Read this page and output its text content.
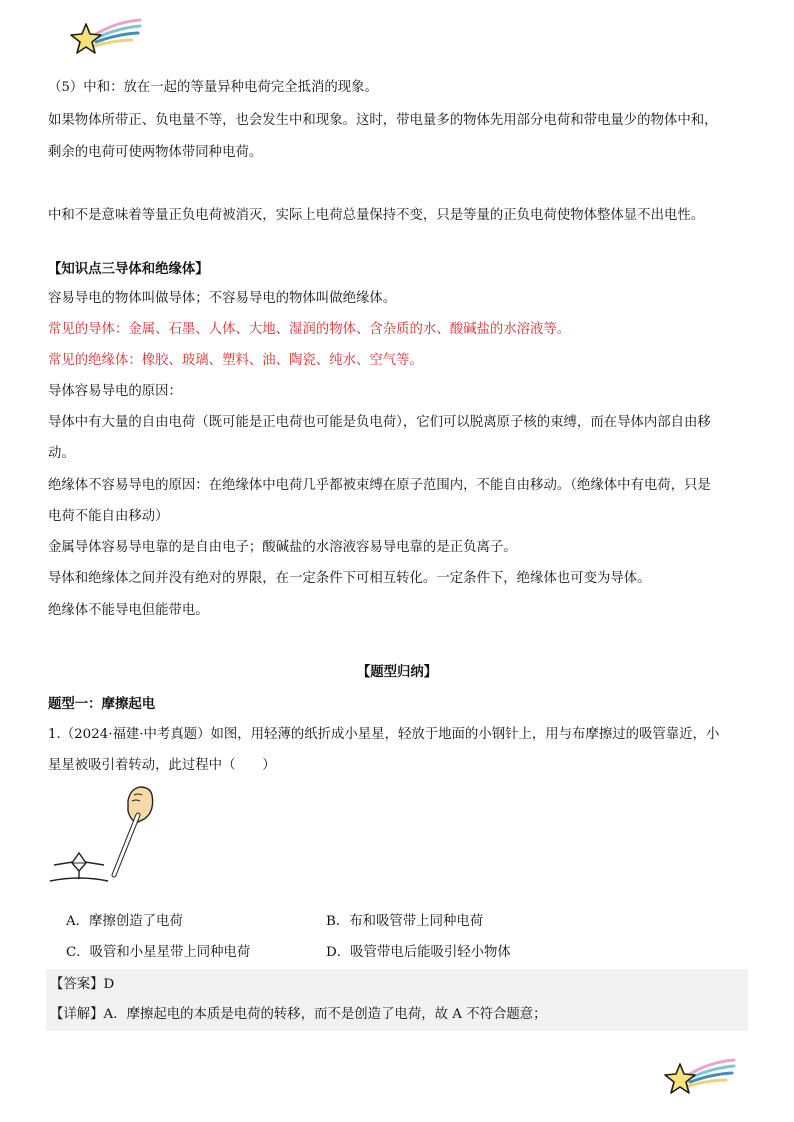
（5）中和：放在一起的等量异种电荷完全抵消的现象。
如果物体所带正、负电量不等，也会发生中和现象。这时，带电量多的物体先用部分电荷和带电量少的物体中和，
剩余的电荷可使两物体带同种电荷。
中和不是意味着等量正负电荷被消灭，实际上电荷总量保持不变，只是等量的正负电荷使物体整体显不出电性。
【知识点三导体和绝缘体】
容易导电的物体叫做导体；不容易导电的物体叫做绝缘体。
常见的导体：金属、石墨、人体、大地、湿润的物体、含杂质的水、酸碱盐的水溶液等。
常见的绝缘体：橡胶、玻璃、塑料、油、陶瓷、纯水、空气等。
导体容易导电的原因：
导体中有大量的自由电荷（既可能是正电荷也可能是负电荷），它们可以脱离原子核的束缚，而在导体内部自由移
动。
绝缘体不容易导电的原因：在绝缘体中电荷几乎都被束缚在原子范围内，不能自由移动。（绝缘体中有电荷，只是
电荷不能自由移动）
金属导体容易导电靠的是自由电子；酸碱盐的水溶液容易导电靠的是正负离子。
导体和绝缘体之间并没有绝对的界限，在一定条件下可相互转化。一定条件下，绝缘体也可变为导体。
绝缘体不能导电但能带电。
【题型归纳】
题型一：摩擦起电
1.（2024·福建·中考真题）如图，用轻薄的纸折成小星星，轻放于地面的小钢针上，用与布摩擦过的吸管靠近，小
星星被吸引着转动，此过程中（　　）
A．摩擦创造了电荷	B．布和吸管带上同种电荷
C．吸管和小星星带上同种电荷	D．吸管带电后能吸引轻小物体
【答案】D
【详解】A．摩擦起电的本质是电荷的转移，而不是创造了电荷，故 A 不符合题意；
